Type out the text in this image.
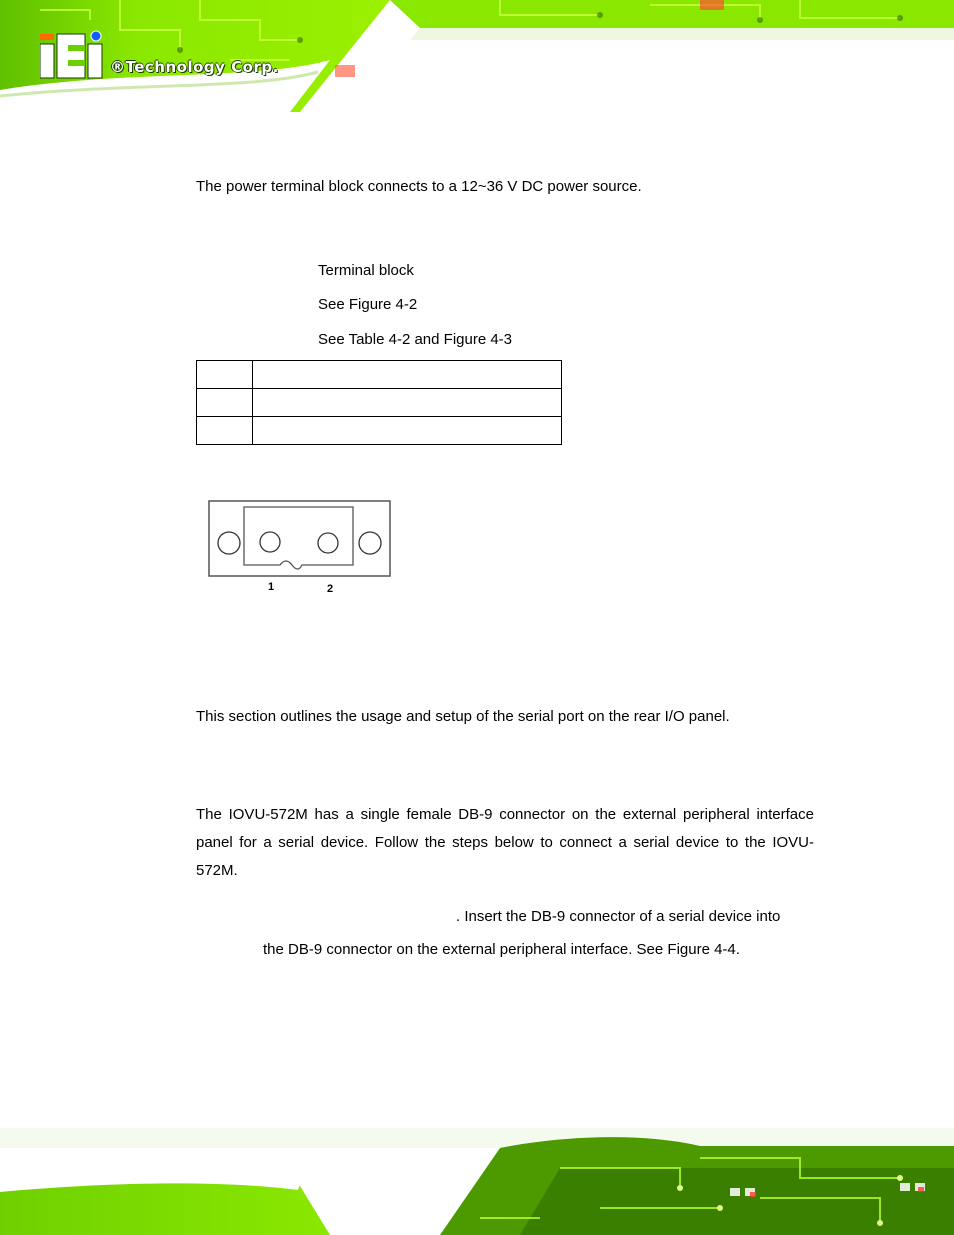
®Technology Corp.
The power terminal block connects to a 12~36 V DC power source.
Terminal block
See Figure 4-2
See Table 4-2 and Figure 4-3

1	2
This section outlines the usage and setup of the serial port on the rear I/O panel.
The IOVU-572M has a single female DB-9 connector on the external peripheral interface panel for a serial device. Follow the steps below to connect a serial device to the IOVU-572M.
. Insert the DB-9 connector of a serial device into
the DB-9 connector on the external peripheral interface. See Figure 4-4.
